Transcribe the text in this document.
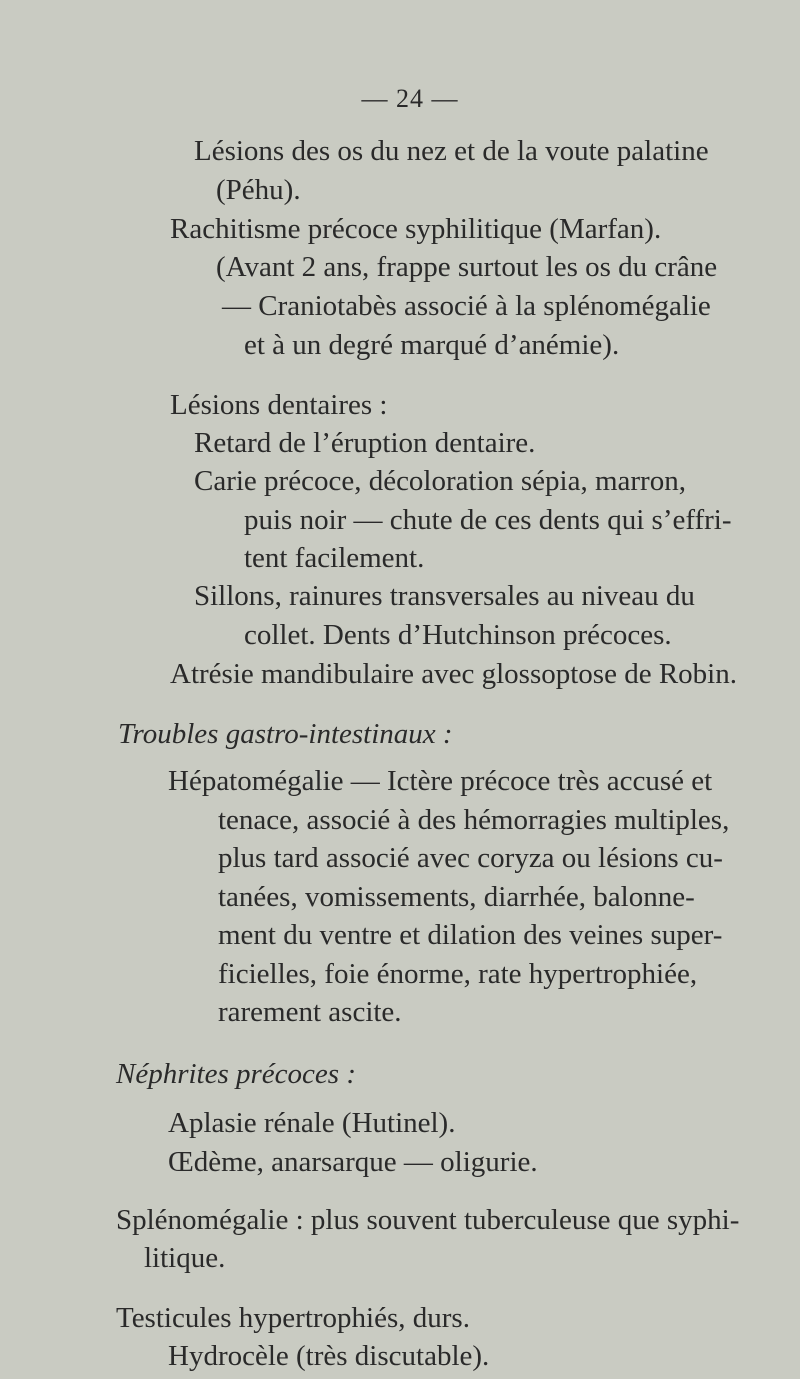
— 24 —
Lésions des os du nez et de la voute palatine
(Péhu).
Rachitisme précoce syphilitique (Marfan).
(Avant 2 ans, frappe surtout les os du crâne
— Craniotabès associé à la splénomégalie
et à un degré marqué d’anémie).
Lésions dentaires :
Retard de l’éruption dentaire.
Carie précoce, décoloration sépia, marron,
puis noir — chute de ces dents qui s’effri-
tent facilement.
Sillons, rainures transversales au niveau du
collet. Dents d’Hutchinson précoces.
Atrésie mandibulaire avec glossoptose de Robin.
Troubles gastro-intestinaux :
Hépatomégalie — Ictère précoce très accusé et
tenace, associé à des hémorragies multiples,
plus tard associé avec coryza ou lésions cu-
tanées, vomissements, diarrhée, balonne-
ment du ventre et dilation des veines super-
ficielles, foie énorme, rate hypertrophiée,
rarement ascite.
Néphrites précoces :
Aplasie rénale (Hutinel).
Œdème, anarsarque — oligurie.
Splénomégalie : plus souvent tuberculeuse que syphi-
litique.
Testicules hypertrophiés, durs.
Hydrocèle (très discutable).
